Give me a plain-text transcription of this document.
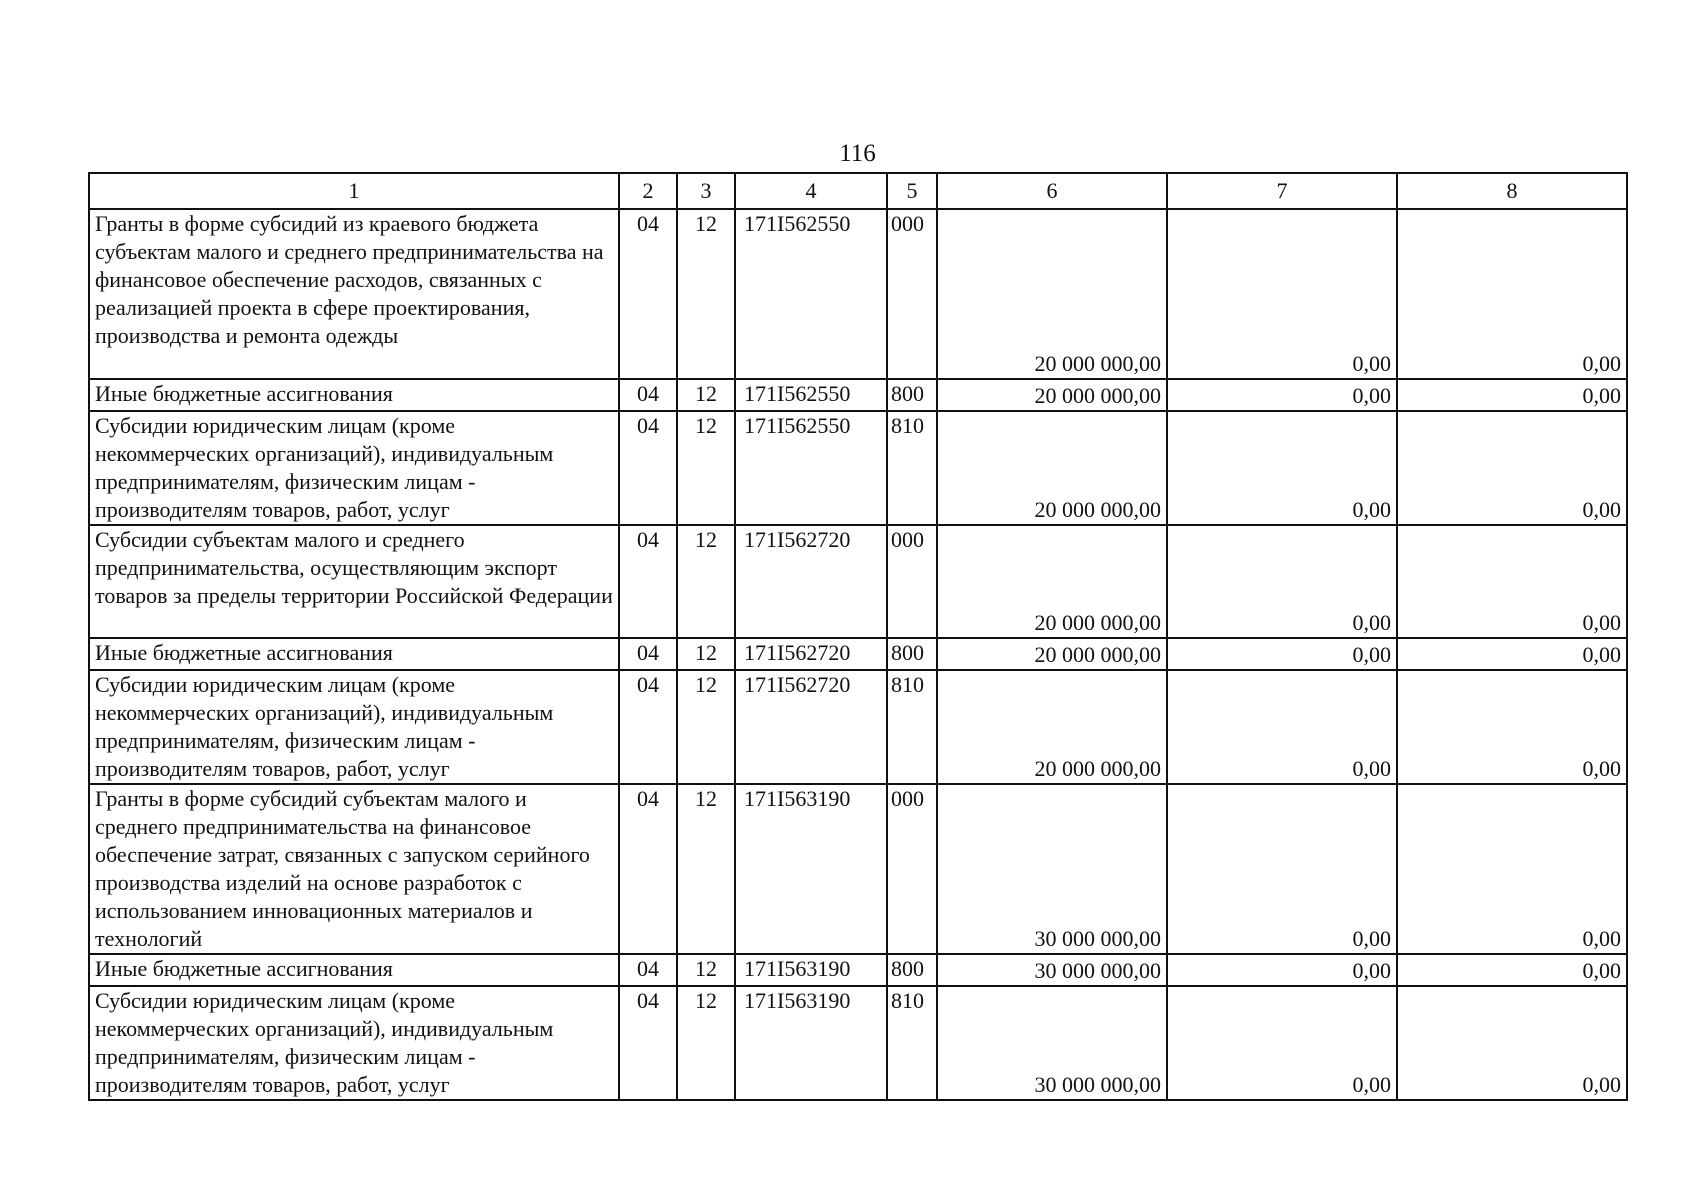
116
1	2	3	4	5	6	7	8
Гранты в форме субсидий из краевого бюджета субъектам малого и среднего предпринимательства на финансовое обеспечение расходов, связанных с реализацией проекта в сфере проектирования, производства и ремонта одежды	04	12	171I562550	000	20 000 000,00	0,00	0,00
Иные бюджетные ассигнования	04	12	171I562550	800	20 000 000,00	0,00	0,00
Субсидии юридическим лицам (кроме некоммерческих организаций), индивидуальным предпринимателям, физическим лицам - производителям товаров, работ, услуг	04	12	171I562550	810	20 000 000,00	0,00	0,00
Субсидии субъектам малого и среднего предпринимательства, осуществляющим экспорт товаров за пределы территории Российской Федерации	04	12	171I562720	000	20 000 000,00	0,00	0,00
Иные бюджетные ассигнования	04	12	171I562720	800	20 000 000,00	0,00	0,00
Субсидии юридическим лицам (кроме некоммерческих организаций), индивидуальным предпринимателям, физическим лицам - производителям товаров, работ, услуг	04	12	171I562720	810	20 000 000,00	0,00	0,00
Гранты в форме субсидий субъектам малого и среднего предпринимательства на финансовое обеспечение затрат, связанных с запуском серийного производства изделий на основе разработок с использованием инновационных материалов и технологий	04	12	171I563190	000	30 000 000,00	0,00	0,00
Иные бюджетные ассигнования	04	12	171I563190	800	30 000 000,00	0,00	0,00
Субсидии юридическим лицам (кроме некоммерческих организаций), индивидуальным предпринимателям, физическим лицам - производителям товаров, работ, услуг	04	12	171I563190	810	30 000 000,00	0,00	0,00
